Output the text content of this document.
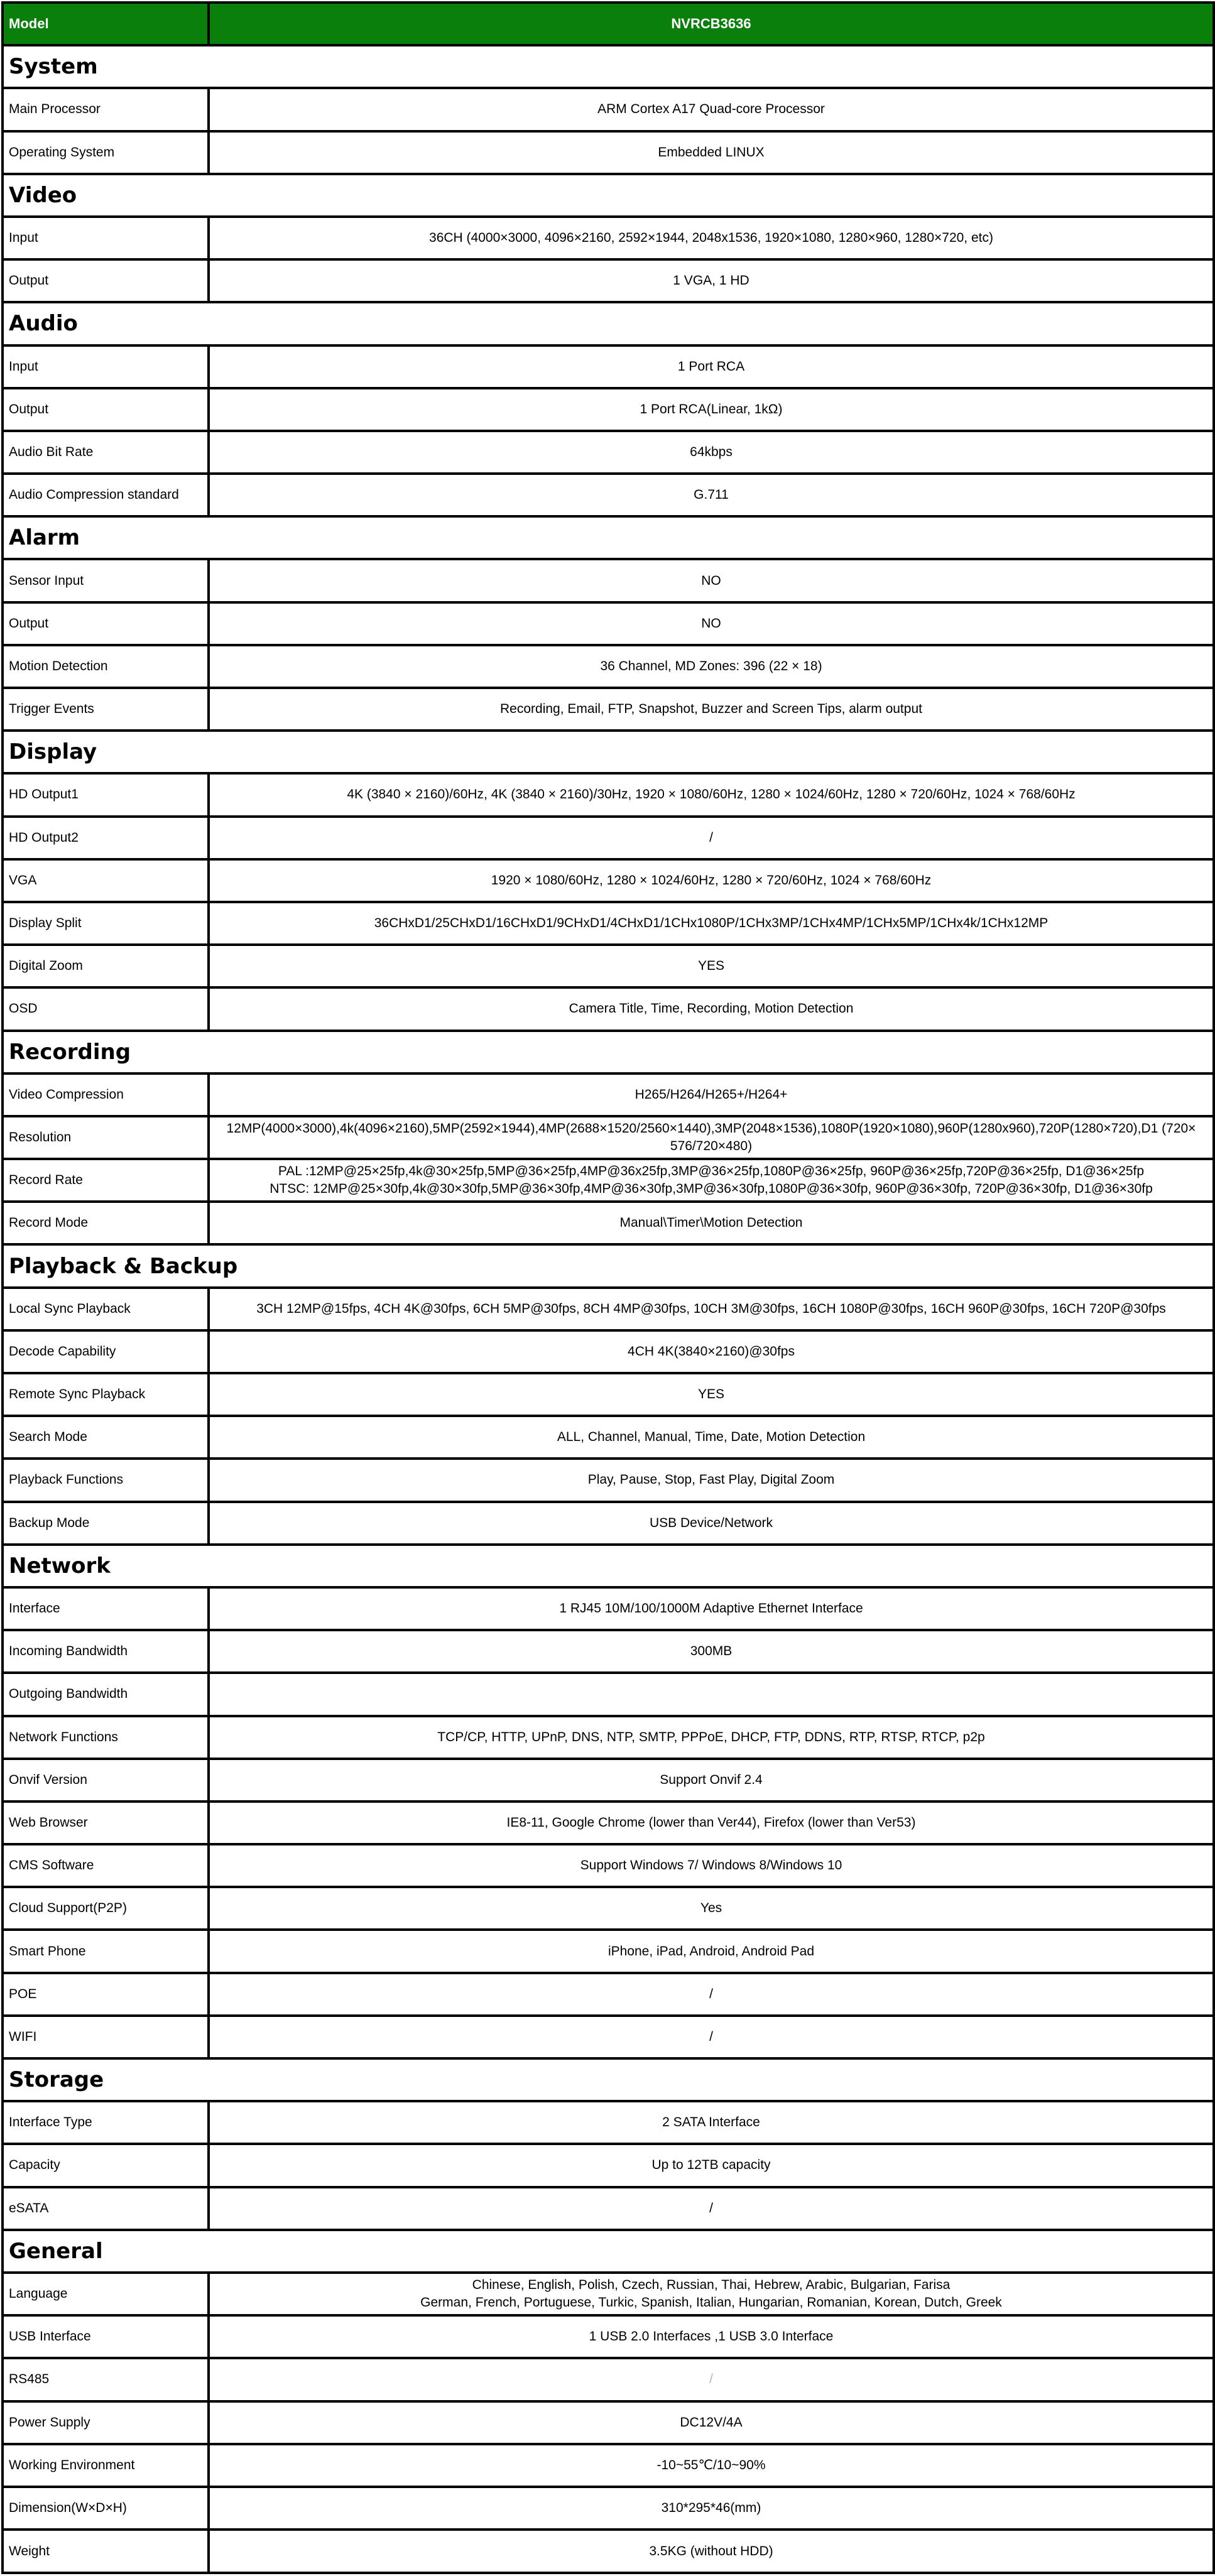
Model	NVRCB3636
System	
Main Processor	ARM Cortex A17 Quad-core Processor

Operating System	Embedded LINUX

Video	
Input	36CH (4000×3000, 4096×2160, 2592×1944, 2048x1536, 1920×1080, 1280×960, 1280×720, etc)

Output	1 VGA, 1 HD

Audio	
Input	1 Port RCA

Output	1 Port RCA(Linear, 1kΩ)

Audio Bit Rate	64kbps

Audio Compression standard	G.711

Alarm	
Sensor Input	NO

Output	NO

Motion Detection	36 Channel, MD Zones: 396 (22 × 18)

Trigger Events	Recording, Email, FTP, Snapshot, Buzzer and Screen Tips, alarm output

Display	
HD Output1	4K (3840 × 2160)/60Hz, 4K (3840 × 2160)/30Hz, 1920 × 1080/60Hz, 1280 × 1024/60Hz, 1280 × 720/60Hz, 1024 × 768/60Hz

HD Output2	/

VGA	1920 × 1080/60Hz, 1280 × 1024/60Hz, 1280 × 720/60Hz, 1024 × 768/60Hz

Display Split	36CHxD1/25CHxD1/16CHxD1/9CHxD1/4CHxD1/1CHx1080P/1CHx3MP/1CHx4MP/1CHx5MP/1CHx4k/1CHx12MP

Digital Zoom	YES

OSD	Camera Title, Time, Recording, Motion Detection

Recording	
Video Compression	H265/H264/H265+/H264+

Resolution	12MP(4000×3000),4k(4096×2160),5MP(2592×1944),4MP(2688×1520/2560×1440),3MP(2048×1536),1080P(1920×1080),960P(1280x960),720P(1280×720),D1 (720×
576/720×480)

Record Rate	PAL :12MP@25×25fp,4k@30×25fp,5MP@36×25fp,4MP@36x25fp,3MP@36×25fp,1080P@36×25fp, 960P@36×25fp,720P@36×25fp, D1@36×25fp
NTSC: 12MP@25×30fp,4k@30×30fp,5MP@36×30fp,4MP@36×30fp,3MP@36×30fp,1080P@36×30fp, 960P@36×30fp, 720P@36×30fp, D1@36×30fp

Record Mode	Manual\Timer\Motion Detection

Playback & Backup	
Local Sync Playback	3CH 12MP@15fps, 4CH 4K@30fps, 6CH 5MP@30fps, 8CH 4MP@30fps, 10CH 3M@30fps, 16CH 1080P@30fps, 16CH 960P@30fps, 16CH 720P@30fps

Decode Capability	4CH 4K(3840×2160)@30fps

Remote Sync Playback	YES

Search Mode	ALL, Channel, Manual, Time, Date, Motion Detection

Playback Functions	Play, Pause, Stop, Fast Play, Digital Zoom

Backup Mode	USB Device/Network

Network	
Interface	1 RJ45 10M/100/1000M Adaptive Ethernet Interface

Incoming Bandwidth	300MB

Outgoing Bandwidth	

Network Functions	TCP/CP, HTTP, UPnP, DNS, NTP, SMTP, PPPoE, DHCP, FTP, DDNS, RTP, RTSP, RTCP, p2p

Onvif Version	Support Onvif 2.4

Web Browser	IE8-11, Google Chrome (lower than Ver44), Firefox (lower than Ver53)

CMS Software	Support Windows 7/ Windows 8/Windows 10

Cloud Support(P2P)	Yes

Smart Phone	iPhone, iPad, Android, Android Pad

POE	/

WIFI	/

Storage	
Interface Type	2 SATA Interface

Capacity	Up to 12TB capacity

eSATA	/

General	
Language	Chinese, English, Polish, Czech, Russian, Thai, Hebrew, Arabic, Bulgarian, Farisa
German, French, Portuguese, Turkic, Spanish, Italian, Hungarian, Romanian, Korean, Dutch, Greek

USB Interface	1 USB 2.0 Interfaces ,1 USB 3.0 Interface

RS485	/

Power Supply	DC12V/4A

Working Environment	-10~55℃/10~90%

Dimension(W×D×H)	310*295*46(mm)

Weight	3.5KG (without HDD)
